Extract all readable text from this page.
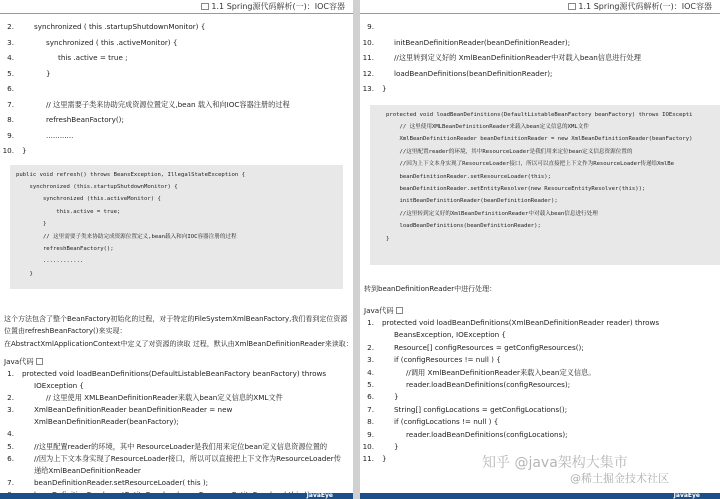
1.1 Spring源代码解析(一)：IOC容器
2.	synchronized ( this .startupShutdownMonitor) {
3.	synchronized ( this .activeMonitor) {
4.	this .active = true ;
5.	}
6.
7.	// 这里需要子类来协助完成资源位置定义,bean 载入和向IOC容器注册的过程
8.	refreshBeanFactory();
9.	............
10.	}
public void refresh() throws BeansException, IllegalStateException {
synchronized (this.startupShutdownMonitor) {
synchronized (this.activeMonitor) {
this.active = true;
}
// 这里需要子类来协助完成资源位置定义,bean载入和向IOC容器注册的过程
refreshBeanFactory();
............
}
这个方法包含了整个BeanFactory初始化的过程，对于特定的FileSystemXmlBeanFactory,我们看到定位资源
位置由refreshBeanFactory()来实现：
在AbstractXmlApplicationContext中定义了对资源的读取 过程，默认由XmlBeanDefinitionReader来读取：
Java代码
1.	protected void loadBeanDefinitions(DefaultListableBeanFactory beanFactory) throws
IOException {
2.	// 这里使用 XMLBeanDefinitionReader来载入bean定义信息的XML文件
3.	XmlBeanDefinitionReader beanDefinitionReader = new
XmlBeanDefinitionReader(beanFactory);
4.
5.	//这里配置reader的环境，其中 ResourceLoader是我们用来定位bean定义信息资源位置的
6.	//因为上下文本身实现了ResourceLoader接口，所以可以直接把上下文作为ResourceLoader传
递给XmlBeanDefinitionReader
7.	beanDefinitionReader.setResourceLoader( this );
JavaEye
1.1 Spring源代码解析(一)：IOC容器
9.
10.	initBeanDefinitionReader(beanDefinitionReader);
11.	//这里转到定义好的 XmlBeanDefinitionReader中对载入bean信息进行处理
12.	loadBeanDefinitions(beanDefinitionReader);
13.	}
protected void loadBeanDefinitions(DefaultListableBeanFactory beanFactory) throws IOExcepti
// 这里使用XMLBeanDefinitionReader来载入bean定义信息的XML文件
XmlBeanDefinitionReader beanDefinitionReader = new XmlBeanDefinitionReader(beanFactory)
//这里配置reader的环境，其中ResourceLoader是我们用来定位bean定义信息资源位置的
//因为上下文本身实现了ResourceLoader接口，所以可以直接把上下文作为ResourceLoader传递给XmlBe
beanDefinitionReader.setResourceLoader(this);
beanDefinitionReader.setEntityResolver(new ResourceEntityResolver(this));
initBeanDefinitionReader(beanDefinitionReader);
//这里转到定义好的XmlBeanDefinitionReader中对载入bean信息进行处理
loadBeanDefinitions(beanDefinitionReader);
}
转到beanDefinitionReader中进行处理：
Java代码
1.	protected void loadBeanDefinitions(XmlBeanDefinitionReader reader) throws
BeansException, IOException {
2.	Resource[] configResources = getConfigResources();
3.	if (configResources != null ) {
4.	//调用 XmlBeanDefinitionReader来载入bean定义信息。
5.	reader.loadBeanDefinitions(configResources);
6.	}
7.	String[] configLocations = getConfigLocations();
8.	if (configLocations != null ) {
9.	reader.loadBeanDefinitions(configLocations);
10.	}
11.	}	知乎 @java架构大集市
@稀土掘金技术社区
JavaEye
